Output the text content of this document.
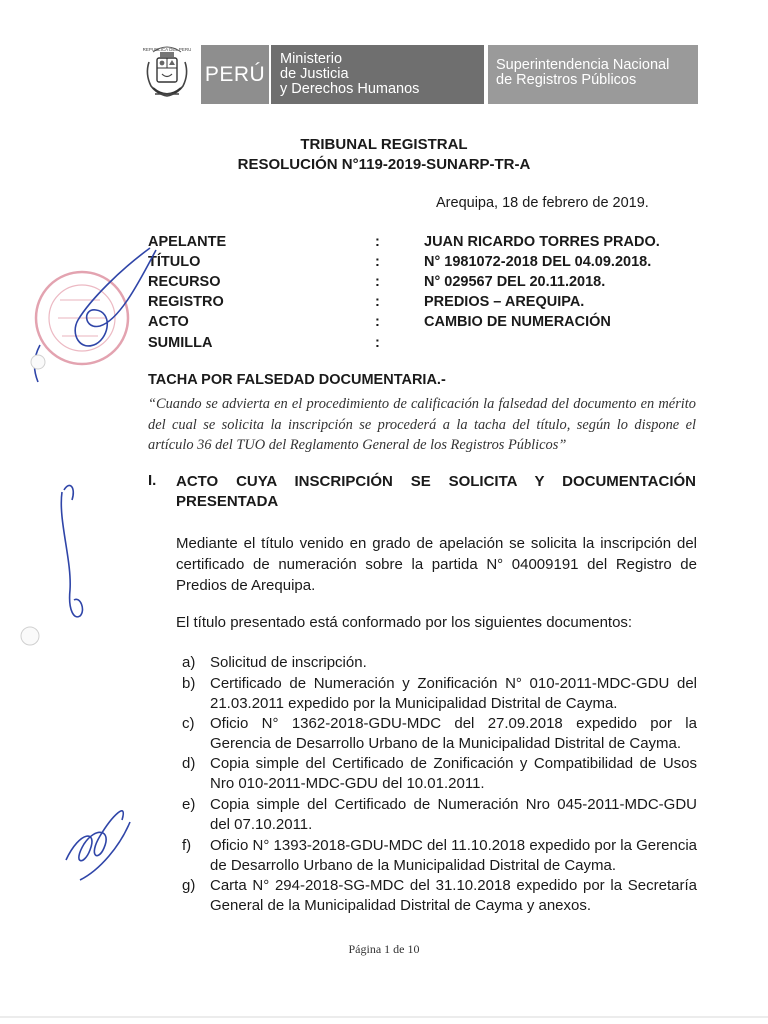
REPUBLICA DEL PERU
PERÚ
Ministerio
de Justicia
y Derechos Humanos
Superintendencia Nacional
de Registros Públicos
TRIBUNAL REGISTRAL
RESOLUCIÓN N°119-2019-SUNARP-TR-A
Arequipa, 18 de febrero de 2019.
APELANTE	:	JUAN RICARDO TORRES PRADO.
TÍTULO	:	N° 1981072-2018 DEL 04.09.2018.
RECURSO	:	N° 029567 DEL 20.11.2018.
REGISTRO	:	PREDIOS – AREQUIPA.
ACTO	:	CAMBIO DE NUMERACIÓN
SUMILLA	:
TACHA POR FALSEDAD DOCUMENTARIA.-
“Cuando se advierta en el procedimiento de calificación la falsedad del documento en mérito del cual se solicita la inscripción se procederá a la tacha del título, según lo dispone el artículo 36 del TUO del Reglamento General de los Registros Públicos”
I. ACTO CUYA INSCRIPCIÓN SE SOLICITA Y DOCUMENTACIÓN PRESENTADA
Mediante el título venido en grado de apelación se solicita la inscripción del certificado de numeración sobre la partida N° 04009191 del Registro de Predios de Arequipa.
El título presentado está conformado por los siguientes documentos:
a) Solicitud de inscripción.
b) Certificado de Numeración y Zonificación N° 010-2011-MDC-GDU del 21.03.2011 expedido por la Municipalidad Distrital de Cayma.
c) Oficio N° 1362-2018-GDU-MDC del 27.09.2018 expedido por la Gerencia de Desarrollo Urbano de la Municipalidad Distrital de Cayma.
d) Copia simple del Certificado de Zonificación y Compatibilidad de Usos Nro 010-2011-MDC-GDU del 10.01.2011.
e) Copia simple del Certificado de Numeración Nro 045-2011-MDC-GDU del 07.10.2011.
f) Oficio N° 1393-2018-GDU-MDC del 11.10.2018 expedido por la Gerencia de Desarrollo Urbano de la Municipalidad Distrital de Cayma.
g) Carta N° 294-2018-SG-MDC del 31.10.2018 expedido por la Secretaría General de la Municipalidad Distrital de Cayma y anexos.
Página 1 de 10
